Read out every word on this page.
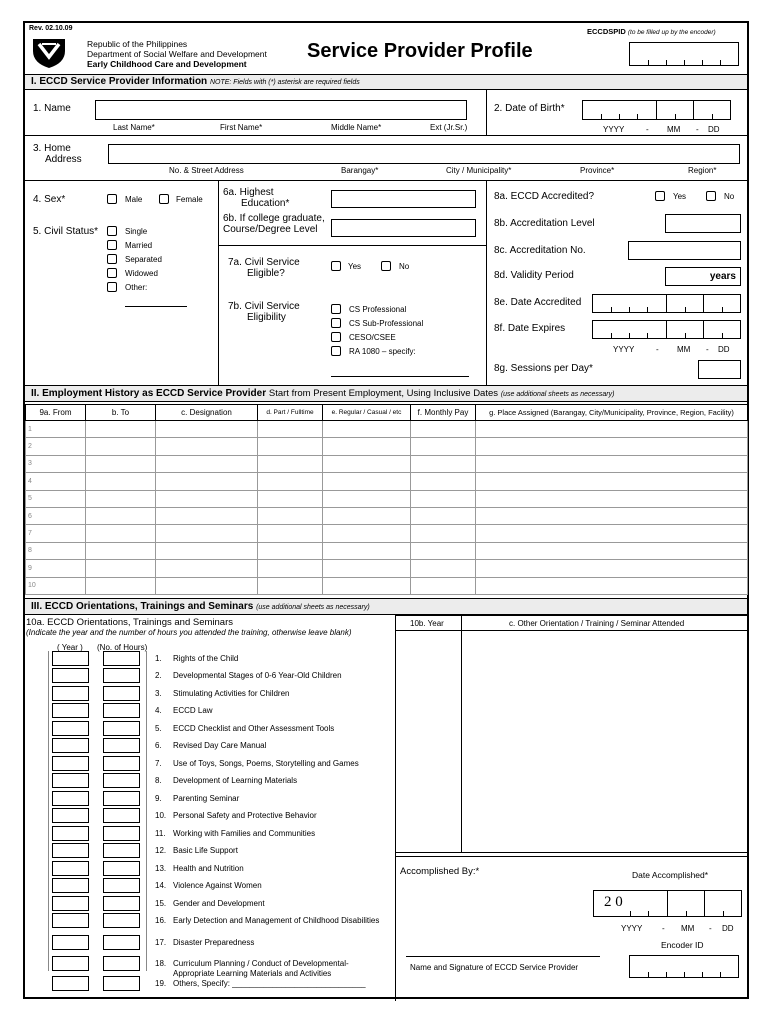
Rev. 02.10.09
Republic of the Philippines
Department of Social Welfare and Development
Early Childhood Care and Development
Service Provider Profile
ECCDSPID (to be filled up by the encoder)
I. ECCD Service Provider Information NOTE: Fields with (*) asterisk are required fields
1. Name
Last Name*	First Name*	Middle Name*	Ext (Jr.Sr.)
2. Date of Birth*
YYYY	- MM - DD
3. Home
Address
No. & Street Address	Barangay*	City / Municipality*	Province*	Region*
4. Sex*	Male	Female
5. Civil Status*	Single
Married
Separated
Widowed
Other:
6a. Highest
Education*
6b. If college graduate,
Course/Degree Level
7a. Civil Service
Eligible?
Yes	No
7b. Civil Service
Eligibility
CS Professional
CS Sub-Professional
CESO/CSEE
RA 1080 – specify:
8a. ECCD Accredited?	Yes	No
8b. Accreditation Level
8c. Accreditation No.
8d. Validity Period	years
8e. Date Accredited
8f. Date Expires
YYYY	- MM - DD
8g. Sessions per Day*
II. Employment History as ECCD Service Provider Start from Present Employment, Using Inclusive Dates (use additional sheets as necessary)
9a. From	b. To	c. Designation	d. Part / Fulltime	e. Regular / Casual / etc	f. Monthly Pay	g. Place Assigned (Barangay, City/Municipality, Province, Region, Facility)
1						
2						
3						
4						
5						
6						
7						
8						
9						
10						
III. ECCD Orientations, Trainings and Seminars (use additional sheets as necessary)
10a. ECCD Orientations, Trainings and Seminars
(Indicate the year and the number of hours you attended the training, otherwise leave blank)
( Year ) (No. of Hours)
1. Rights of the Child
2. Developmental Stages of 0-6 Year-Old Children
3. Stimulating Activities for Children
4. ECCD Law
5. ECCD Checklist and Other Assessment Tools
6. Revised Day Care Manual
7. Use of Toys, Songs, Poems, Storytelling and Games
8. Development of Learning Materials
9. Parenting Seminar
10. Personal Safety and Protective Behavior
11. Working with Families and Communities
12. Basic Life Support
13. Health and Nutrition
14. Violence Against Women
15. Gender and Development
16. Early Detection and Management of Childhood Disabilities
17. Disaster Preparedness
18. Curriculum Planning / Conduct of Developmental-Appropriate Learning Materials and Activities
19. Others, Specify: ______________________________
10b. Year	c. Other Orientation / Training / Seminar Attended
Accomplished By:*	Date Accomplished*
2 0
YYYY - MM - DD
Encoder ID
Name and Signature of ECCD Service Provider
